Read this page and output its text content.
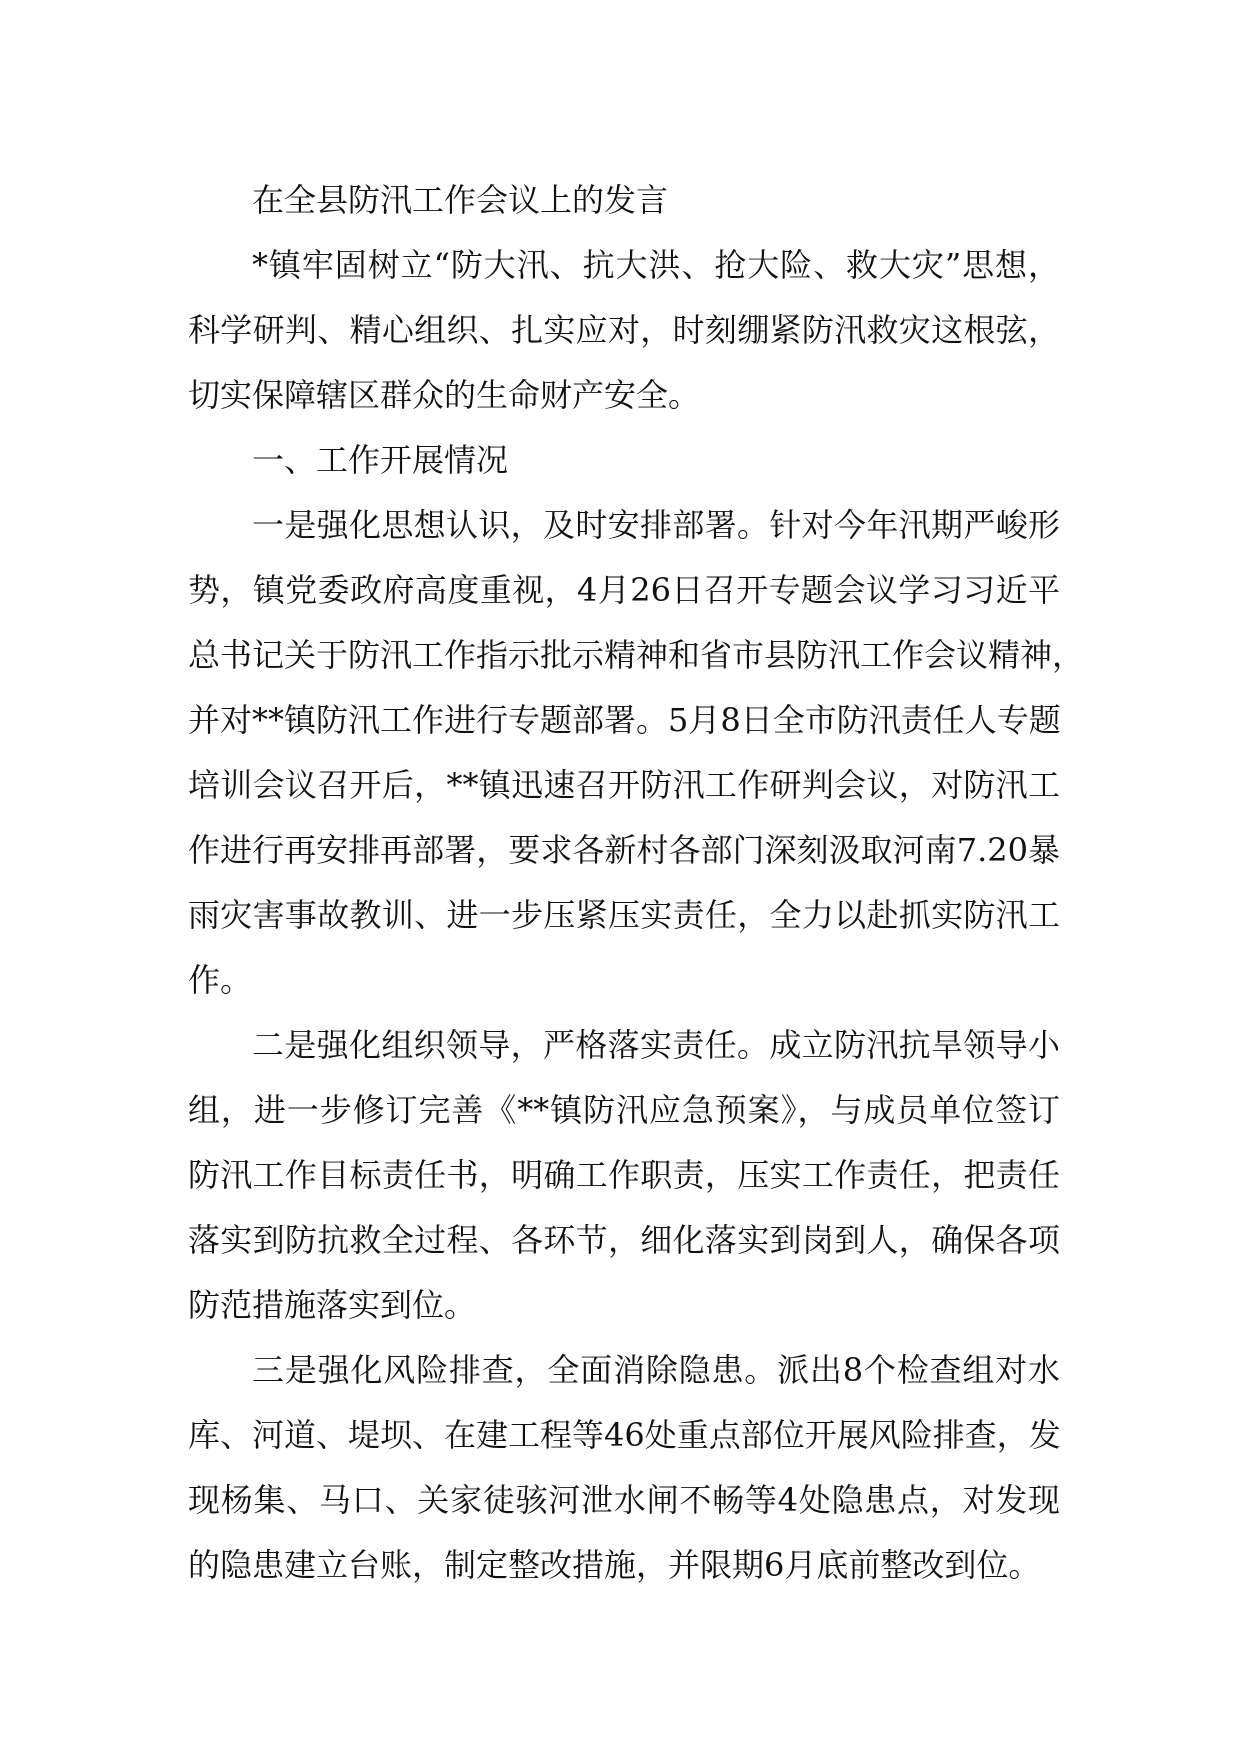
在全县防汛工作会议上的发言
*镇牢固树立“防大汛、抗大洪、抢大险、救大灾”思想，
科学研判、精心组织、扎实应对，时刻绷紧防汛救灾这根弦，
切实保障辖区群众的生命财产安全。
一、工作开展情况
一是强化思想认识，及时安排部署。针对今年汛期严峻形
势，镇党委政府高度重视，4月26日召开专题会议学习习近平
总书记关于防汛工作指示批示精神和省市县防汛工作会议精神，
并对**镇防汛工作进行专题部署。5月8日全市防汛责任人专题
培训会议召开后，**镇迅速召开防汛工作研判会议，对防汛工
作进行再安排再部署，要求各新村各部门深刻汲取河南7.20暴
雨灾害事故教训、进一步压紧压实责任，全力以赴抓实防汛工
作。
二是强化组织领导，严格落实责任。成立防汛抗旱领导小
组，进一步修订完善《**镇防汛应急预案》，与成员单位签订
防汛工作目标责任书，明确工作职责，压实工作责任，把责任
落实到防抗救全过程、各环节，细化落实到岗到人，确保各项
防范措施落实到位。
三是强化风险排查，全面消除隐患。派出8个检查组对水
库、河道、堤坝、在建工程等46处重点部位开展风险排查，发
现杨集、马口、关家徒骇河泄水闸不畅等4处隐患点，对发现
的隐患建立台账，制定整改措施，并限期6月底前整改到位。
